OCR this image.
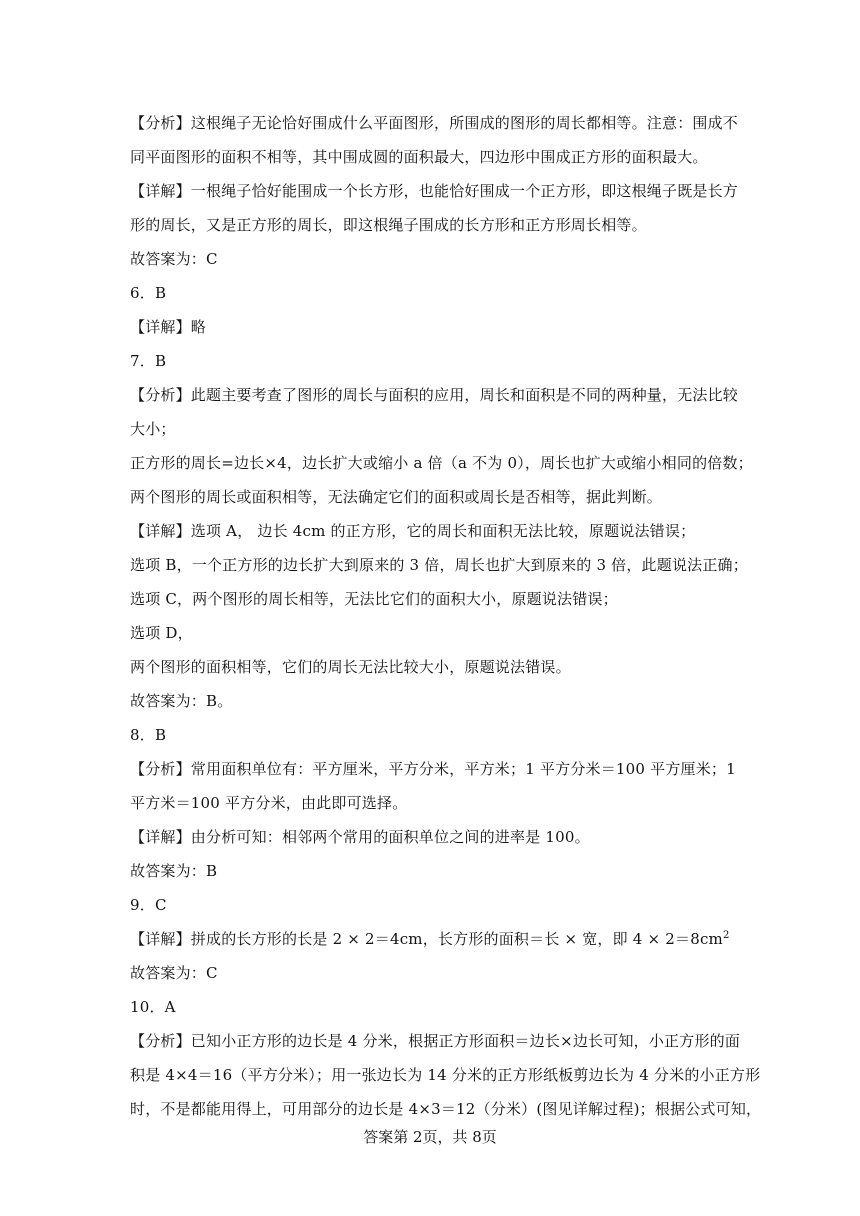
【分析】这根绳子无论恰好围成什么平面图形，所围成的图形的周长都相等。注意：围成不
同平面图形的面积不相等，其中围成圆的面积最大，四边形中围成正方形的面积最大。
【详解】一根绳子恰好能围成一个长方形，也能恰好围成一个正方形，即这根绳子既是长方
形的周长，又是正方形的周长，即这根绳子围成的长方形和正方形周长相等。
故答案为：C
6．B
【详解】略
7．B
【分析】此题主要考查了图形的周长与面积的应用，周长和面积是不同的两种量，无法比较
大小；
正方形的周长=边长×4，边长扩大或缩小 a 倍（a 不为 0），周长也扩大或缩小相同的倍数；
两个图形的周长或面积相等，无法确定它们的面积或周长是否相等，据此判断。
【详解】选项 A， 边长 4cm 的正方形，它的周长和面积无法比较，原题说法错误；
选项 B，一个正方形的边长扩大到原来的 3 倍，周长也扩大到原来的 3 倍，此题说法正确；
选项 C，两个图形的周长相等，无法比它们的面积大小，原题说法错误；
选项 D，
两个图形的面积相等，它们的周长无法比较大小，原题说法错误。
故答案为：B。
8．B
【分析】常用面积单位有：平方厘米，平方分米，平方米；1 平方分米＝100 平方厘米；1
平方米＝100 平方分米，由此即可选择。
【详解】由分析可知：相邻两个常用的面积单位之间的进率是 100。
故答案为：B
9．C
【详解】拼成的长方形的长是 2 × 2＝4cm，长方形的面积＝长 × 宽，即 $4 \times 2=8cm^2$
故答案为：C
10．A
【分析】已知小正方形的边长是 4 分米，根据正方形面积＝边长×边长可知，小正方形的面
积是 4×4＝16（平方分米）；用一张边长为 14 分米的正方形纸板剪边长为 4 分米的小正方形
时，不是都能用得上，可用部分的边长是 4×3＝12（分米）(图见详解过程)；根据公式可知，
答案第 2页，共 8页
